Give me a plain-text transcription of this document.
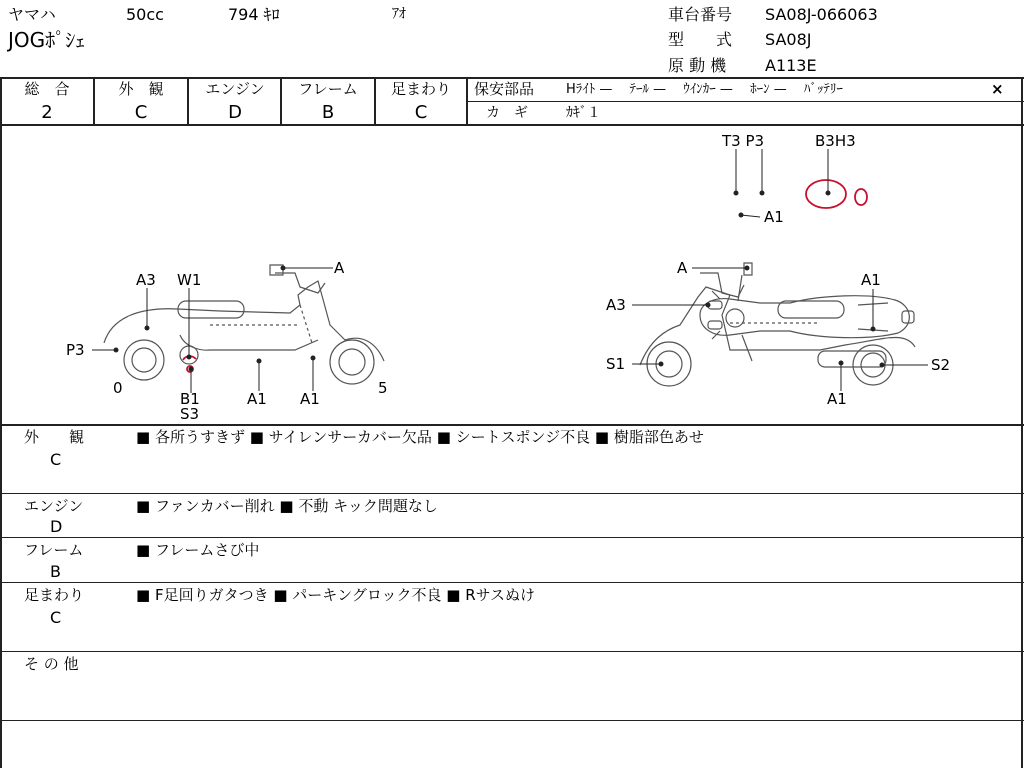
ヤマハ	50cc	794 ｷﾛ	ｱｵ
JOGﾎﾟｼｪ
車台番号 SA08J-066063
型　　式 SA08J
原 動 機 A113E
総　合
2
外　観
C
エンジン
D
フレーム
B
足まわり
C
保安部品 Hﾗｲﾄ —　 ﾃｰﾙ —　 ｳｲﾝｶｰ —　 ﾎｰﾝ —　 ﾊﾞｯﾃﾘｰ	×
カ　ギ	ｶｷﾞ１
T3 P3	B3H3
A1
A
A3 W1
P3
0
B1
S3
A1 A1
5
A
A1
A3
S1	S2
A1
外　　観
C
■ 各所うすきず ■ サイレンサーカバー欠品 ■ シートスポンジ不良 ■ 樹脂部色あせ
エンジン
D
■ ファンカバー削れ ■ 不動 キック問題なし
フレーム
B
■ フレームさび中
足まわり
C
■ F足回りガタつき ■ パーキングロック不良 ■ Rサスぬけ
そ の 他
